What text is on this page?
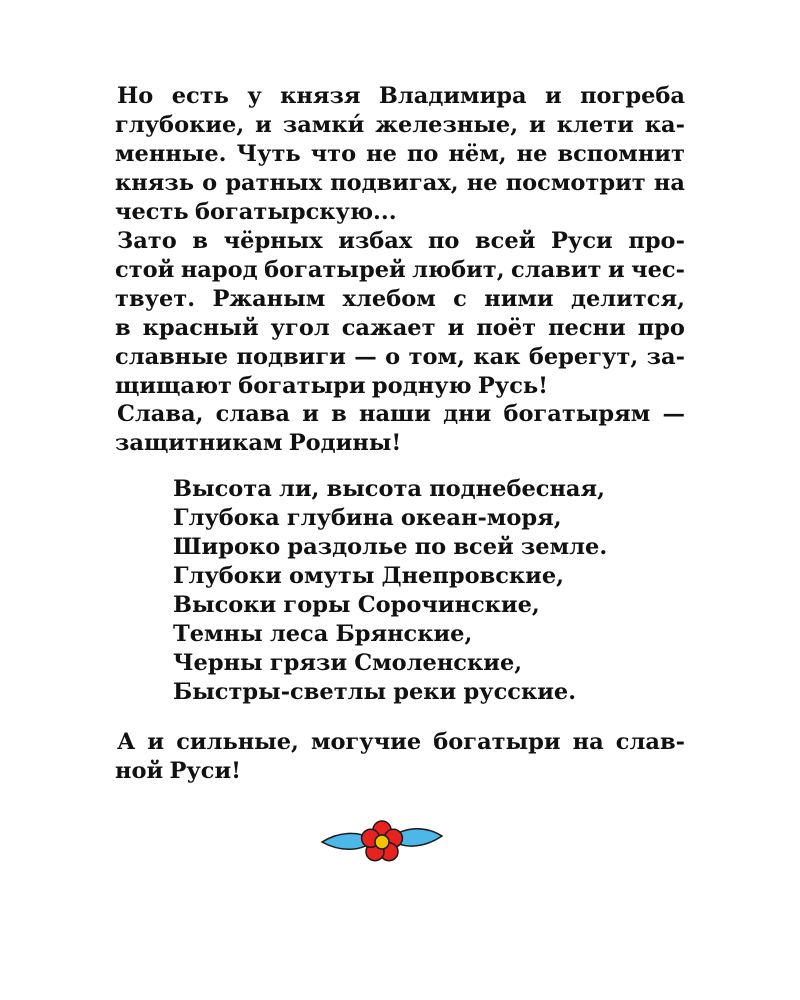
Но есть у князя Владимира и погреба
глубокие, и замки́ железные, и клети ка-
менные. Чуть что не по нём, не вспомнит
князь о ратных подвигах, не посмотрит на
честь богатырскую...
Зато в чёрных избах по всей Руси про-
стой народ богатырей любит, славит и чес-
твует. Ржаным хлебом с ними делится,
в красный угол сажает и поёт песни про
славные подвиги — о том, как берегут, за-
щищают богатыри родную Русь!
Слава, слава и в наши дни богатырям —
защитникам Родины!
Высота ли, высота поднебесная,
Глубока глубина океан-моря,
Широко раздолье по всей земле.
Глубоки омуты Днепровские,
Высоки горы Сорочинские,
Темны леса Брянские,
Черны грязи Смоленские,
Быстры-светлы реки русские.
А и сильные, могучие богатыри на слав-
ной Руси!
